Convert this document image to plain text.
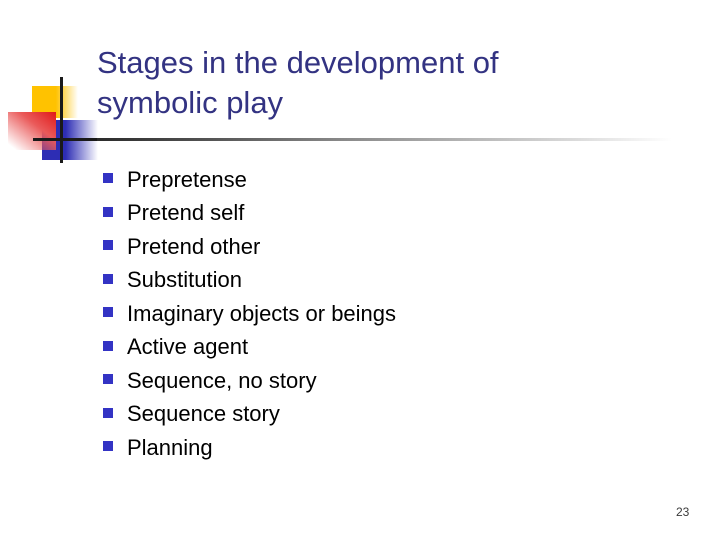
Stages in the development of symbolic play
Prepretense
Pretend self
Pretend other
Substitution
Imaginary objects or beings
Active agent
Sequence, no story
Sequence story
Planning
23
